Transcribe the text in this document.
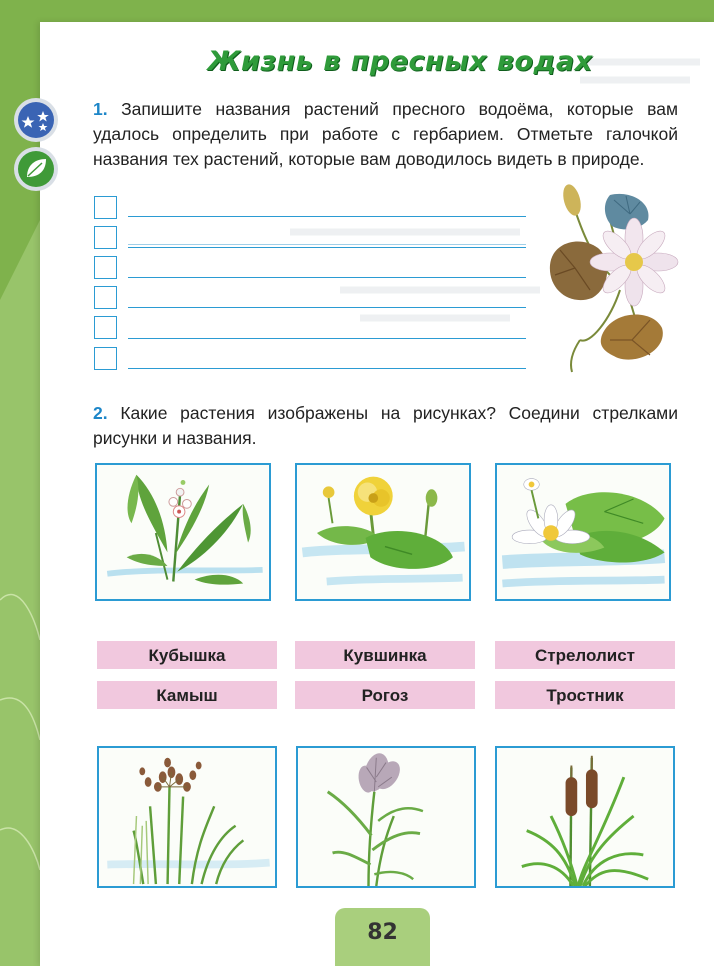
Жизнь в пресных водах
1. Запишите названия растений пресного водоёма, которые вам удалось определить при работе с гербарием. Отметьте галочкой названия тех растений, которые вам доводилось видеть в природе.
2. Какие растения изображены на рисунках? Соедини стрелками рисунки и названия.
Кубышка	Кувшинка	Стрелолист
Камыш	Рогоз	Тростник
82
